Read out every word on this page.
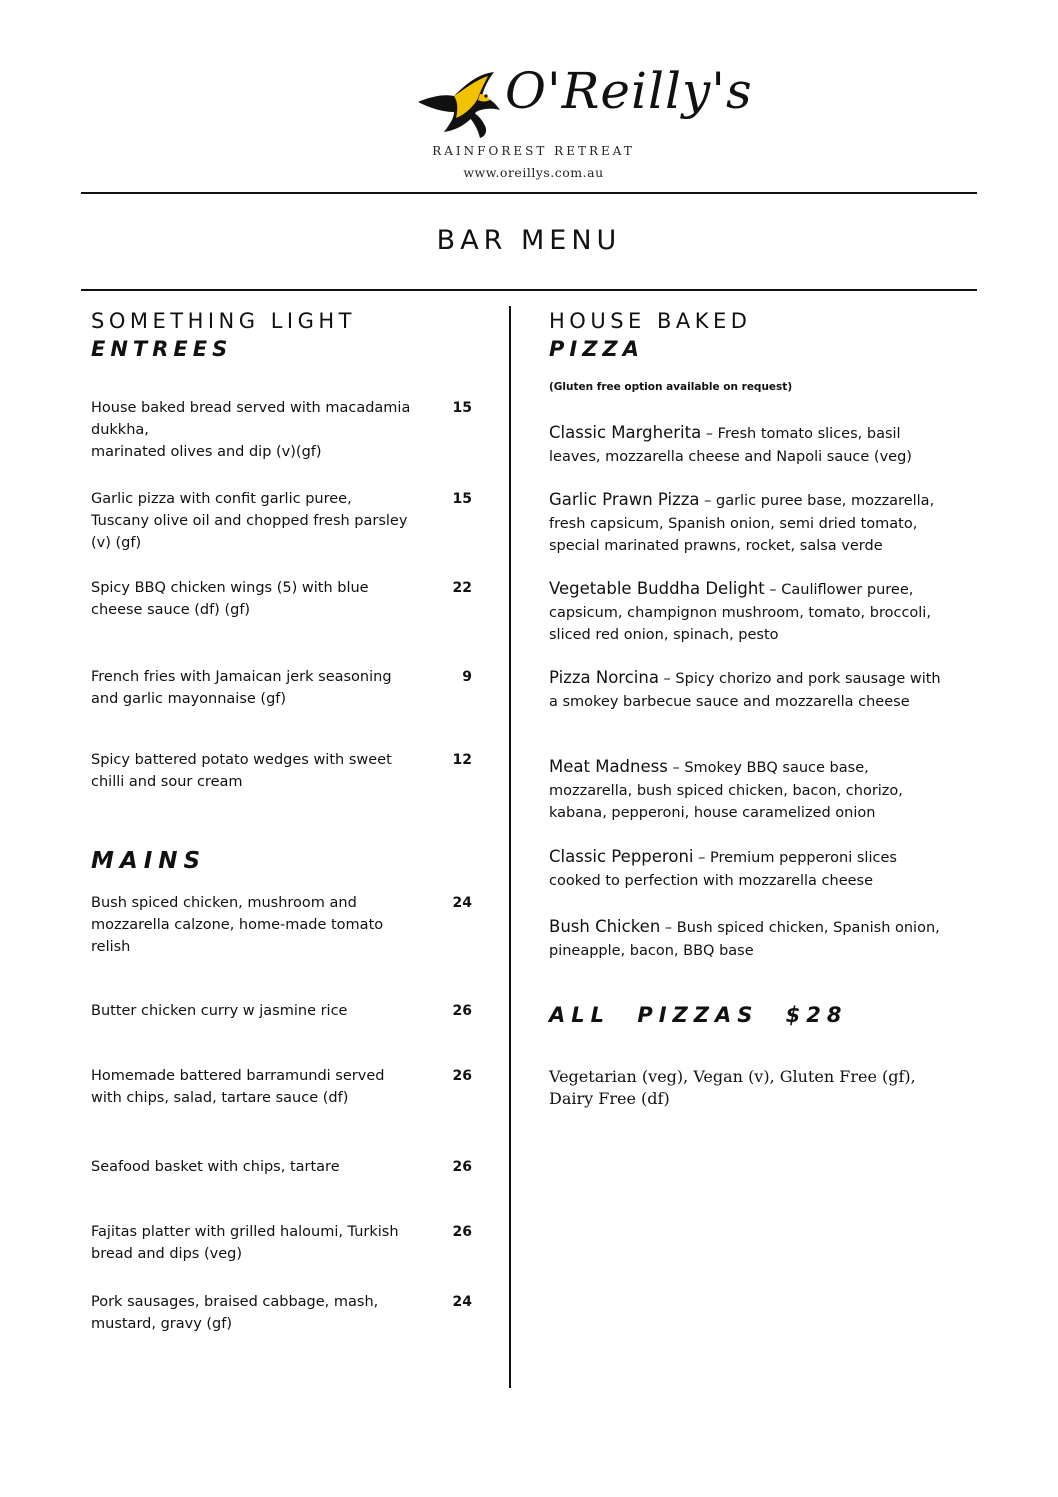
O'Reilly's
RAINFOREST RETREAT
www.oreillys.com.au
BAR MENU
SOMETHING LIGHT
ENTREES
House baked bread served with macadamia dukkha,
marinated olives and dip (v)(gf)
15
Garlic pizza with confit garlic puree, Tuscany olive oil and chopped fresh parsley (v) (gf)
15
Spicy BBQ chicken wings (5) with blue cheese sauce (df) (gf)
22
French fries with Jamaican jerk seasoning and garlic mayonnaise (gf)
9
Spicy battered potato wedges with sweet chilli and sour cream
12
MAINS
Bush spiced chicken, mushroom and mozzarella calzone, home-made tomato relish
24
Butter chicken curry w jasmine rice	26
Homemade battered barramundi served with chips, salad, tartare sauce (df)
26
Seafood basket with chips, tartare	26
Fajitas platter with grilled haloumi, Turkish bread and dips (veg)
26
Pork sausages, braised cabbage, mash, mustard, gravy (gf)
24
HOUSE BAKED
PIZZA
(Gluten free option available on request)
Classic Margherita – Fresh tomato slices, basil leaves, mozzarella cheese and Napoli sauce (veg)
Garlic Prawn Pizza – garlic puree base, mozzarella, fresh capsicum, Spanish onion, semi dried tomato, special marinated prawns, rocket, salsa verde
Vegetable Buddha Delight – Cauliflower puree, capsicum, champignon mushroom, tomato, broccoli, sliced red onion, spinach, pesto
Pizza Norcina – Spicy chorizo and pork sausage with a smokey barbecue sauce and mozzarella cheese
Meat Madness – Smokey BBQ sauce base, mozzarella, bush spiced chicken, bacon, chorizo, kabana, pepperoni, house caramelized onion
Classic Pepperoni – Premium pepperoni slices cooked to perfection with mozzarella cheese
Bush Chicken – Bush spiced chicken, Spanish onion, pineapple, bacon, BBQ base
ALL PIZZAS $28
Vegetarian (veg), Vegan (v), Gluten Free (gf), Dairy Free (df)
